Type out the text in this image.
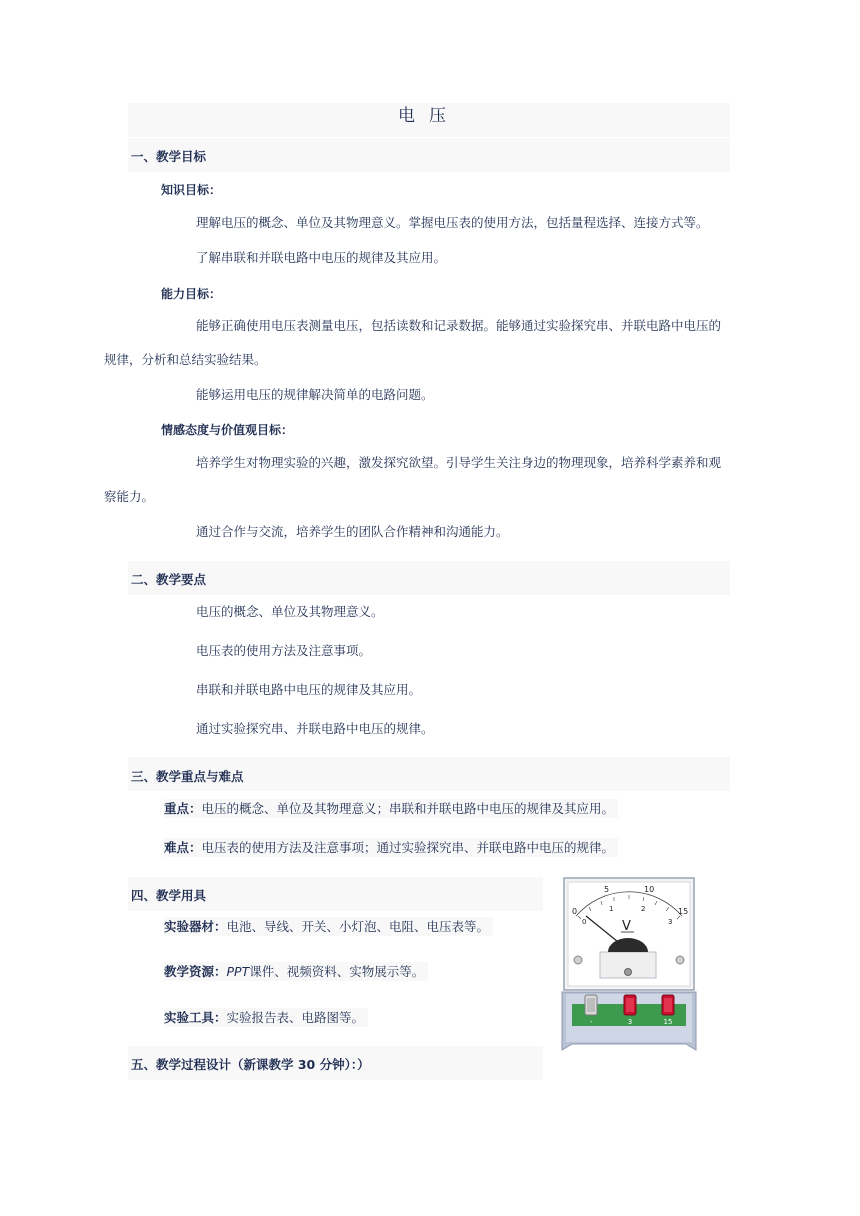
电压
一、教学目标
知识目标：
理解电压的概念、单位及其物理意义。掌握电压表的使用方法，包括量程选择、连接方式等。
了解串联和并联电路中电压的规律及其应用。
能力目标：
能够正确使用电压表测量电压，包括读数和记录数据。能够通过实验探究串、并联电路中电压的规律，分析和总结实验结果。
能够运用电压的规律解决简单的电路问题。
情感态度与价值观目标：
培养学生对物理实验的兴趣，激发探究欲望。引导学生关注身边的物理现象，培养科学素养和观察能力。
通过合作与交流，培养学生的团队合作精神和沟通能力。
二、教学要点
电压的概念、单位及其物理意义。
电压表的使用方法及注意事项。
串联和并联电路中电压的规律及其应用。
通过实验探究串、并联电路中电压的规律。
三、教学重点与难点
重点：电压的概念、单位及其物理意义；串联和并联电路中电压的规律及其应用。
难点：电压表的使用方法及注意事项；通过实验探究串、并联电路中电压的规律。
四、教学用具
实验器材：电池、导线、开关、小灯泡、电阻、电压表等。
教学资源：PPT课件、视频资料、实物展示等。
实验工具：实验报告表、电路图等。
五、教学过程设计（新课教学 30 分钟）：）
-	3	15
0
5	10
15
0
1	2
3
V
